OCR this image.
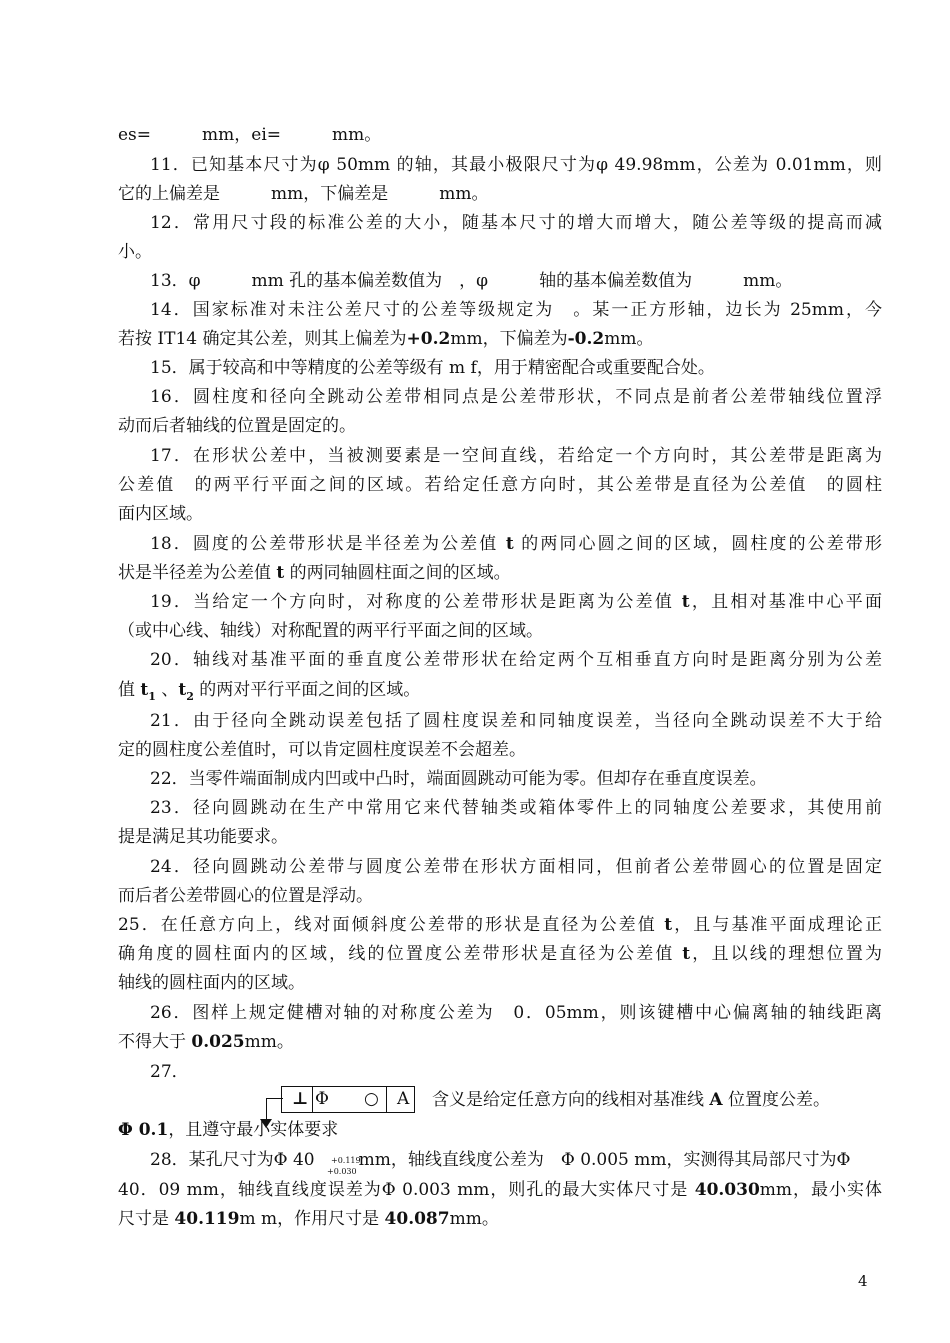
es=　　　mm，ei=　　　mm。
11．已知基本尺寸为φ 50mm 的轴，其最小极限尺寸为φ 49.98mm，公差为 0.01mm，则
它的上偏差是　　　mm，下偏差是　　　mm。
12．常用尺寸段的标准公差的大小，随基本尺寸的增大而增大，随公差等级的提高而减
小。
13．φ　　　mm 孔的基本偏差数值为　，φ　　　轴的基本偏差数值为　　　mm。
14．国家标准对未注公差尺寸的公差等级规定为　。某一正方形轴，边长为 25mm，今
若按 IT14 确定其公差，则其上偏差为+0.2mm，下偏差为-0.2mm。
15．属于较高和中等精度的公差等级有 m f，用于精密配合或重要配合处。
16．圆柱度和径向全跳动公差带相同点是公差带形状，不同点是前者公差带轴线位置浮
动而后者轴线的位置是固定的。
17．在形状公差中，当被测要素是一空间直线，若给定一个方向时，其公差带是距离为
公差值　的两平行平面之间的区域。若给定任意方向时，其公差带是直径为公差值　的圆柱
面内区域。
18．圆度的公差带形状是半径差为公差值 t 的两同心圆之间的区域，圆柱度的公差带形
状是半径差为公差值 t 的两同轴圆柱面之间的区域。
19．当给定一个方向时，对称度的公差带形状是距离为公差值 t，且相对基准中心平面
（或中心线、轴线）对称配置的两平行平面之间的区域。
20．轴线对基准平面的垂直度公差带形状在给定两个互相垂直方向时是距离分别为公差
值 $t_1$ 、$t_2$ 的两对平行平面之间的区域。
21．由于径向全跳动误差包括了圆柱度误差和同轴度误差，当径向全跳动误差不大于给
定的圆柱度公差值时，可以肯定圆柱度误差不会超差。
22．当零件端面制成内凹或中凸时，端面圆跳动可能为零。但却存在垂直度误差。
23．径向圆跳动在生产中常用它来代替轴类或箱体零件上的同轴度公差要求，其使用前
提是满足其功能要求。
24．径向圆跳动公差带与圆度公差带在形状方面相同，但前者公差带圆心的位置是固定
而后者公差带圆心的位置是浮动。
25．在任意方向上，线对面倾斜度公差带的形状是直径为公差值 t，且与基准平面成理论正
确角度的圆柱面内的区域，线的位置度公差带形状是直径为公差值 t，且以线的理想位置为
轴线的圆柱面内的区域。
26．图样上规定健槽对轴的对称度公差为　0．05mm，则该键槽中心偏离轴的轴线距离
不得大于 0.025mm。
27．
⊥ Φ ○ A 含义是给定任意方向的线相对基准线 A 位置度公差。
Φ 0.1，且遵守最小实体要求
28．某孔尺寸为Φ 40	mm，轴线直线度公差为　Φ 0.005 mm，实测得其局部尺寸为Φ
+0.119
+0.030
40．09 mm，轴线直线度误差为Φ 0.003 mm，则孔的最大实体尺寸是 40.030mm，最小实体
尺寸是 40.119m m，作用尺寸是 40.087mm。
4
